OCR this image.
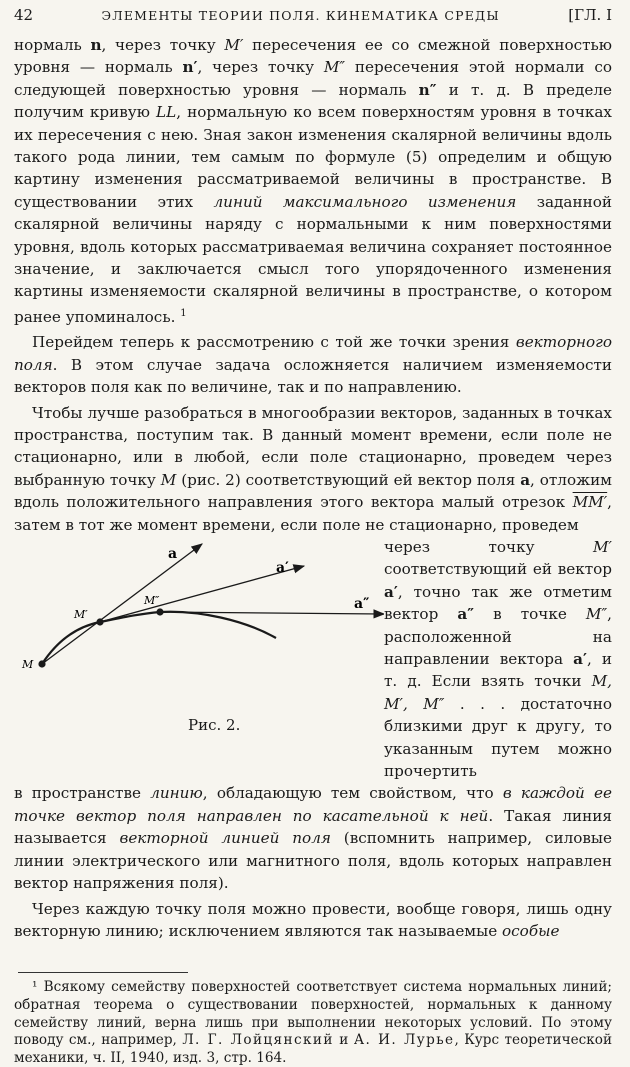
42	ЭЛЕМЕНТЫ ТЕОРИИ ПОЛЯ. КИНЕМАТИКА СРЕДЫ	[ГЛ. I

нормаль n, через точку M′ пересечения ее со смежной поверхностью уровня — нормаль n′, через точку M″ пересечения этой нормали со следующей поверхностью уровня — нормаль n″ и т. д. В пределе получим кривую LL, нормальную ко всем поверхностям уровня в точках их пересечения с нею. Зная закон изменения скалярной величины вдоль такого рода линии, тем самым по формуле (5) определим и общую картину изменения рассматриваемой величины в пространстве. В существовании этих линий максимального изменения заданной скалярной величины наряду с нормальными к ним поверхностями уровня, вдоль которых рассматриваемая величина сохраняет постоянное значение, и заключается смысл того упорядоченного изменения картины изменяемости скалярной величины в пространстве, о котором ранее упоминалось. $^1$

Перейдем теперь к рассмотрению с той же точки зрения векторного поля. В этом случае задача осложняется наличием изменяемости векторов поля как по величине, так и по направлению.

Чтобы лучше разобраться в многообразии векторов, заданных в точках пространства, поступим так. В данный момент времени, если поле не стационарно, или в любой, если поле стационарно, проведем через выбранную точку M (рис. 2) соответствующий ей вектор поля a, отложим вдоль положительного направления этого вектора малый отрезок MM′, затем в тот же момент времени, если поле не стационарно, проведем

a
a′
a″
M
M′
M″
Рис. 2.
через точку M′ соответствующий ей вектор a′, точно так же отметим вектор a″ в точке M″, расположенной на направлении вектора a′, и т. д. Если взять точки M, M′, M″ . . . достаточно близкими друг к другу, то указанным путем можно прочертить

в пространстве линию, обладающую тем свойством, что в каждой ее точке вектор поля направлен по касательной к ней. Такая линия называется векторной линией поля (вспомнить например, силовые линии электрического или магнитного поля, вдоль которых направлен вектор напряжения поля).

Через каждую точку поля можно провести, вообще говоря, лишь одну векторную линию; исключением являются так называемые особые

¹ Всякому семейству поверхностей соответствует система нормальных линий; обратная теорема о существовании поверхностей, нормальных к данному семейству линий, верна лишь при выполнении некоторых условий. По этому поводу см., например, Л. Г. Лойцянский и А. И. Лурье, Курс теоретической механики, ч. II, 1940, изд. 3, стр. 164.
